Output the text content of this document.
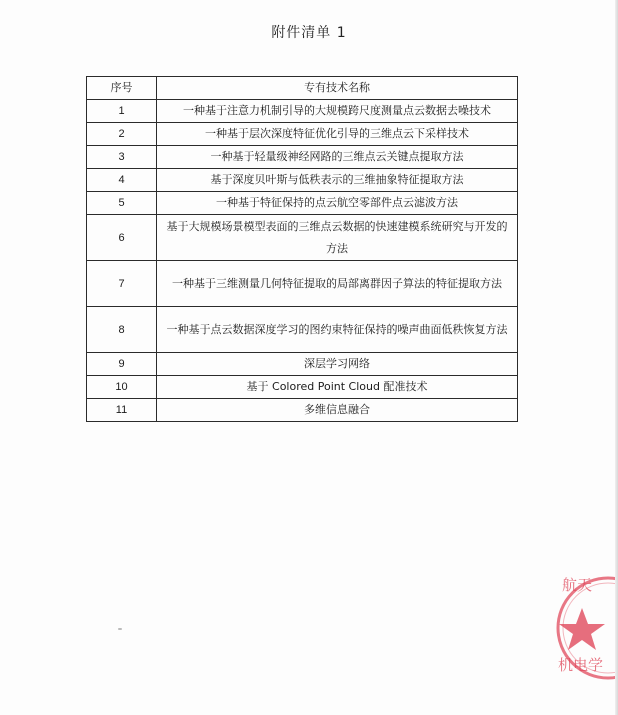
附件清单 1
序号	专有技术名称
1	一种基于注意力机制引导的大规模跨尺度测量点云数据去噪技术
2	一种基于层次深度特征优化引导的三维点云下采样技术
3	一种基于轻量级神经网路的三维点云关键点提取方法
4	基于深度贝叶斯与低秩表示的三维抽象特征提取方法
5	一种基于特征保持的点云航空零部件点云滤波方法
6	基于大规模场景模型表面的三维点云数据的快速建模系统研究与开发的方法
7	一种基于三维测量几何特征提取的局部离群因子算法的特征提取方法
8	一种基于点云数据深度学习的图约束特征保持的噪声曲面低秩恢复方法
9	深层学习网络
10	基于 Colored Point Cloud 配准技术
11	多维信息融合
航天
机电学
